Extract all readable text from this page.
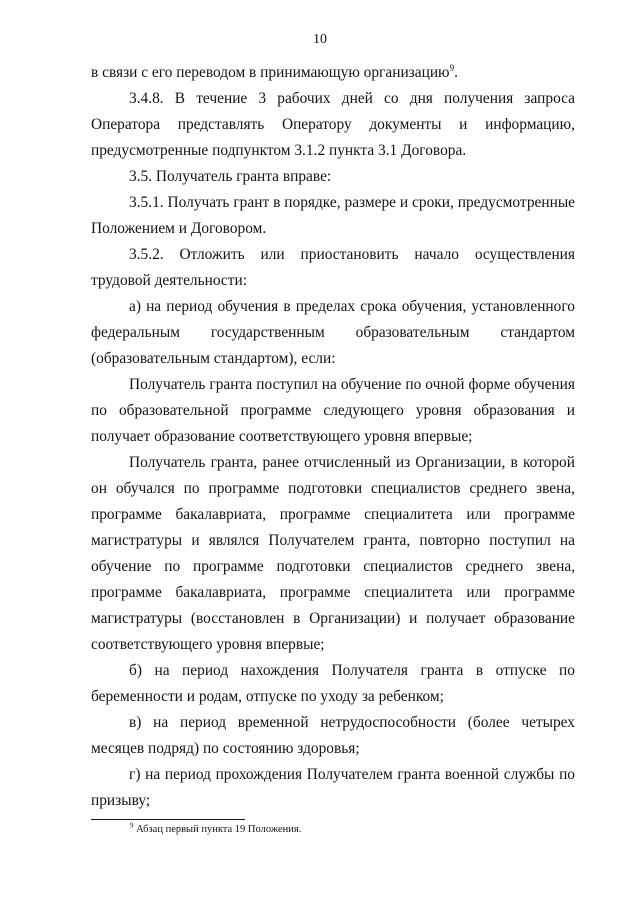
10

в связи с его переводом в принимающую организацию$^9$.

3.4.8. В течение 3 рабочих дней со дня получения запроса Оператора представлять Оператору документы и информацию, предусмотренные подпунктом 3.1.2 пункта 3.1 Договора.

3.5. Получатель гранта вправе:

3.5.1. Получать грант в порядке, размере и сроки, предусмотренные Положением и Договором.

3.5.2. Отложить или приостановить начало осуществления трудовой деятельности:

а) на период обучения в пределах срока обучения, установленного федеральным государственным образовательным стандартом (образовательным стандартом), если:

Получатель гранта поступил на обучение по очной форме обучения по образовательной программе следующего уровня образования и получает образование соответствующего уровня впервые;

Получатель гранта, ранее отчисленный из Организации, в которой он обучался по программе подготовки специалистов среднего звена, программе бакалавриата, программе специалитета или программе магистратуры и являлся Получателем гранта, повторно поступил на обучение по программе подготовки специалистов среднего звена, программе бакалавриата, программе специалитета или программе магистратуры (восстановлен в Организации) и получает образование соответствующего уровня впервые;

б) на период нахождения Получателя гранта в отпуске по беременности и родам, отпуске по уходу за ребенком;

в) на период временной нетрудоспособности (более четырех месяцев подряд) по состоянию здоровья;

г) на период прохождения Получателем гранта военной службы по призыву;

$^9$ Абзац первый пункта 19 Положения.
